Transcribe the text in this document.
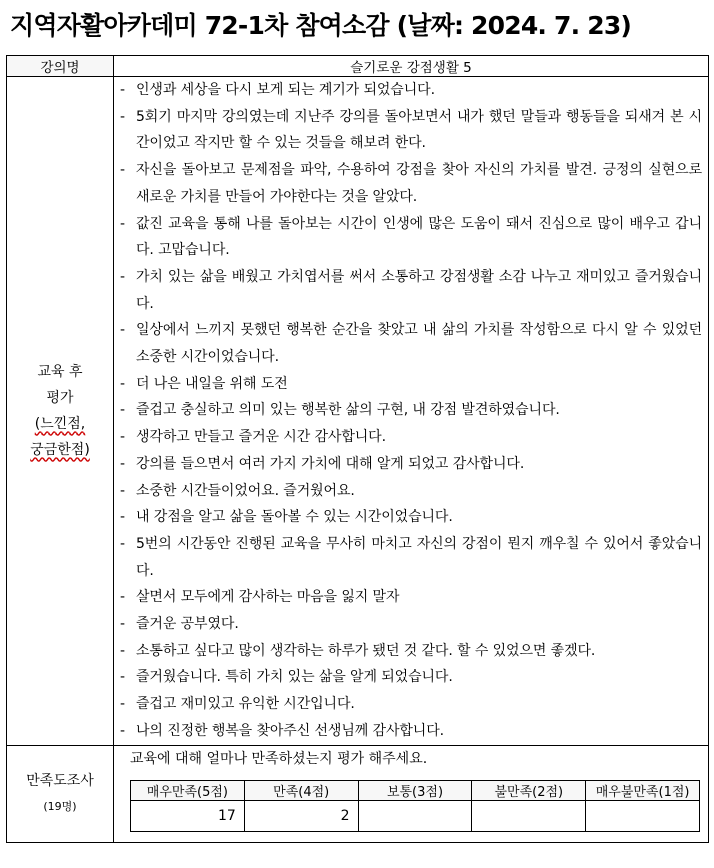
지역자활아카데미 72-1차 참여소감 (날짜: 2024. 7. 23)
강의명	슬기로운 강점생활 5

교육 후
평가
(느낀점,
궁금한점)

- 인생과 세상을 다시 보게 되는 계기가 되었습니다.
- 5회기 마지막 강의였는데 지난주 강의를 돌아보면서 내가 했던 말들과 행동들을 되새겨 본 시간이었고 작지만 할 수 있는 것들을 해보려 한다.
- 자신을 돌아보고 문제점을 파악, 수용하여 강점을 찾아 자신의 가치를 발견. 긍정의 실현으로 새로운 가치를 만들어 가야한다는 것을 알았다.
- 값진 교육을 통해 나를 돌아보는 시간이 인생에 많은 도움이 돼서 진심으로 많이 배우고 갑니다. 고맙습니다.
- 가치 있는 삶을 배웠고 가치엽서를 써서 소통하고 강점생활 소감 나누고 재미있고 즐거웠습니다.
- 일상에서 느끼지 못했던 행복한 순간을 찾았고 내 삶의 가치를 작성함으로 다시 알 수 있었던 소중한 시간이었습니다.
- 더 나은 내일을 위해 도전
- 즐겁고 충실하고 의미 있는 행복한 삶의 구현, 내 강점 발견하였습니다.
- 생각하고 만들고 즐거운 시간 감사합니다.
- 강의를 들으면서 여러 가지 가치에 대해 알게 되었고 감사합니다.
- 소중한 시간들이었어요. 즐거웠어요.
- 내 강점을 알고 삶을 돌아볼 수 있는 시간이었습니다.
- 5번의 시간동안 진행된 교육을 무사히 마치고 자신의 강점이 뭔지 깨우칠 수 있어서 좋았습니다.
- 살면서 모두에게 감사하는 마음을 잃지 말자
- 즐거운 공부였다.
- 소통하고 싶다고 많이 생각하는 하루가 됐던 것 같다. 할 수 있었으면 좋겠다.
- 즐거웠습니다. 특히 가치 있는 삶을 알게 되었습니다.
- 즐겁고 재미있고 유익한 시간입니다.
- 나의 진정한 행복을 찾아주신 선생님께 감사합니다.

만족도조사
(19명)

교육에 대해 얼마나 만족하셨는지 평가 해주세요.
매우만족(5점)	만족(4점)	보통(3점)	불만족(2점)	매우불만족(1점)
17	2			
